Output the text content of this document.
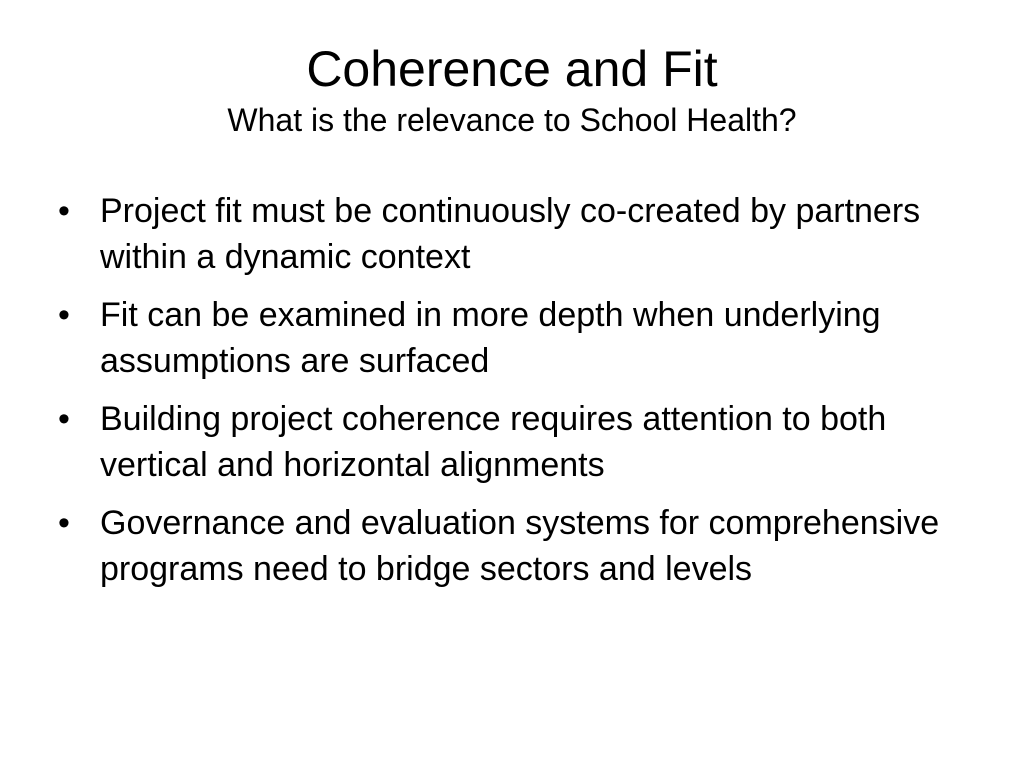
Coherence and Fit
What is the relevance to School Health?
• Project fit must be continuously co-created by partners within a dynamic context
• Fit can be examined in more depth when underlying assumptions are surfaced
• Building project coherence requires attention to both vertical and horizontal alignments
• Governance and evaluation systems for comprehensive programs need to bridge sectors and levels
